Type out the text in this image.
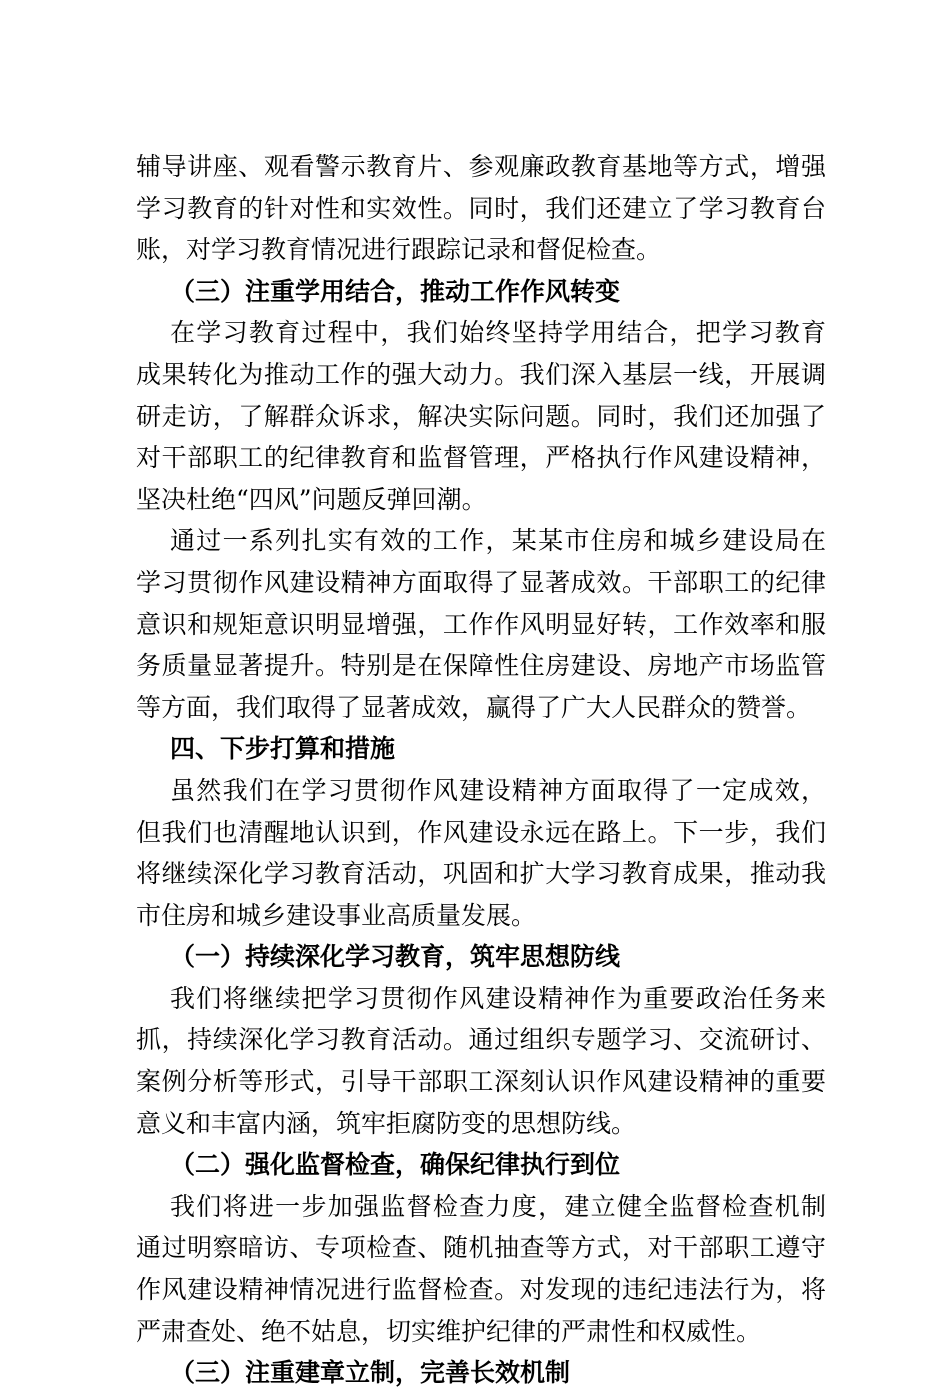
辅导讲座、观看警示教育片、参观廉政教育基地等方式，增强
学习教育的针对性和实效性。同时，我们还建立了学习教育台
账，对学习教育情况进行跟踪记录和督促检查。
（三）注重学用结合，推动工作作风转变
在学习教育过程中，我们始终坚持学用结合，把学习教育
成果转化为推动工作的强大动力。我们深入基层一线，开展调
研走访，了解群众诉求，解决实际问题。同时，我们还加强了
对干部职工的纪律教育和监督管理，严格执行作风建设精神，
坚决杜绝“四风”问题反弹回潮。
通过一系列扎实有效的工作，某某市住房和城乡建设局在
学习贯彻作风建设精神方面取得了显著成效。干部职工的纪律
意识和规矩意识明显增强，工作作风明显好转，工作效率和服
务质量显著提升。特别是在保障性住房建设、房地产市场监管
等方面，我们取得了显著成效，赢得了广大人民群众的赞誉。
四、下步打算和措施
虽然我们在学习贯彻作风建设精神方面取得了一定成效，
但我们也清醒地认识到，作风建设永远在路上。下一步，我们
将继续深化学习教育活动，巩固和扩大学习教育成果，推动我
市住房和城乡建设事业高质量发展。
（一）持续深化学习教育，筑牢思想防线
我们将继续把学习贯彻作风建设精神作为重要政治任务来
抓，持续深化学习教育活动。通过组织专题学习、交流研讨、
案例分析等形式，引导干部职工深刻认识作风建设精神的重要
意义和丰富内涵，筑牢拒腐防变的思想防线。
（二）强化监督检查，确保纪律执行到位
我们将进一步加强监督检查力度，建立健全监督检查机制
通过明察暗访、专项检查、随机抽查等方式，对干部职工遵守
作风建设精神情况进行监督检查。对发现的违纪违法行为，将
严肃查处、绝不姑息，切实维护纪律的严肃性和权威性。
（三）注重建章立制，完善长效机制
